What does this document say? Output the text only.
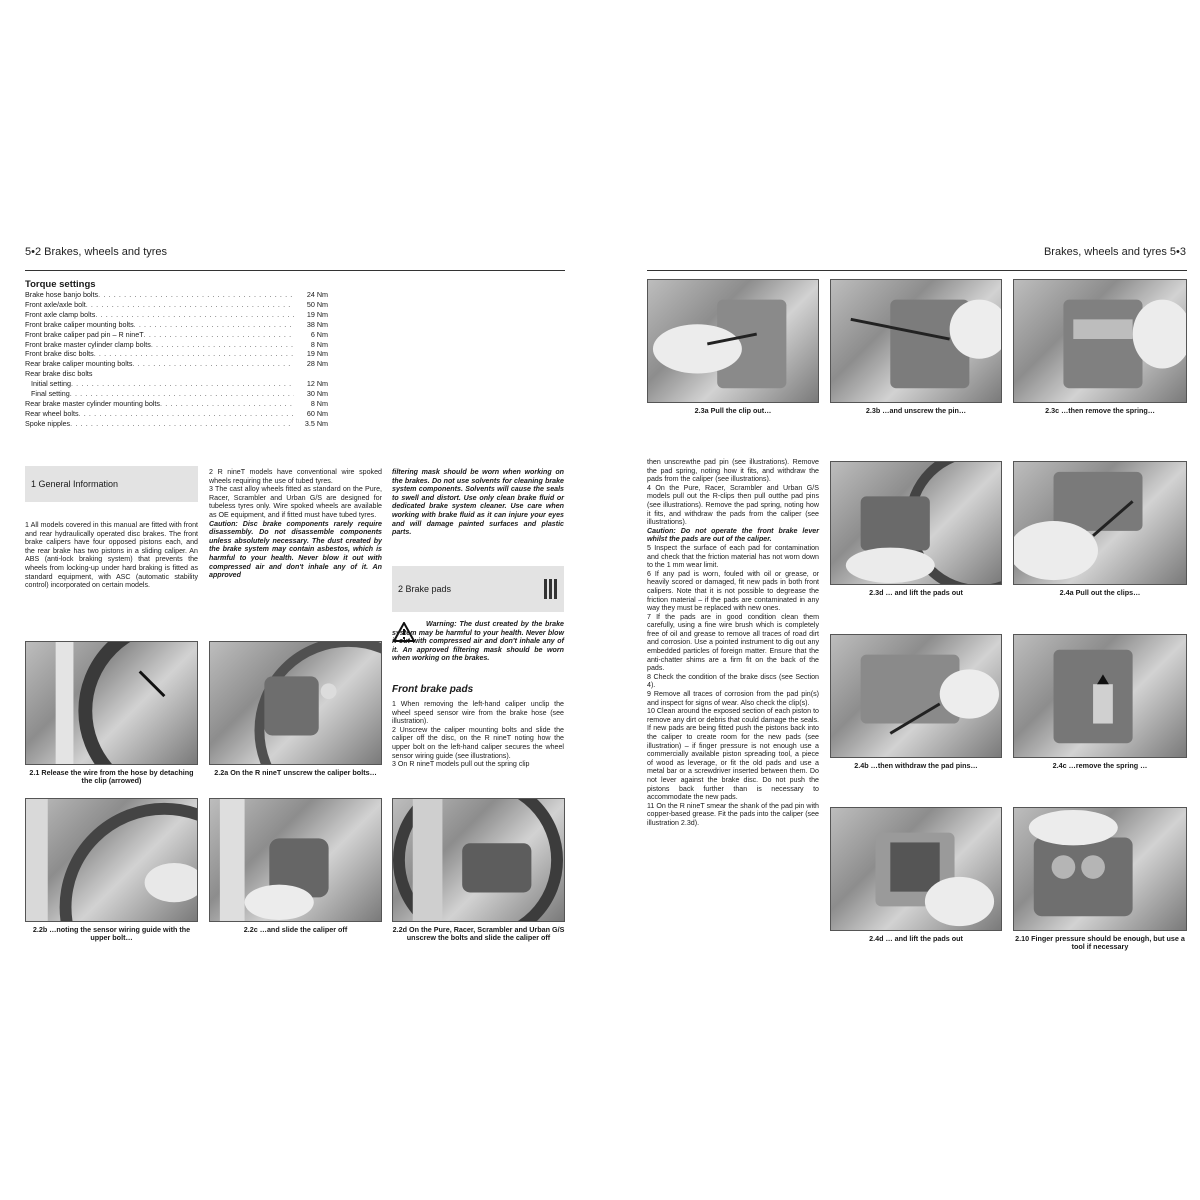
5•2 Brakes, wheels and tyres
Torque settings
Brake hose banjo bolts . . .	24 Nm
Front axle/axle bolt . . .	50 Nm
Front axle clamp bolts . . .	19 Nm
Front brake caliper mounting bolts . . .	38 Nm
Front brake caliper pad pin – R nineT . . .	6 Nm
Front brake master cylinder clamp bolts . . .	8 Nm
Front brake disc bolts . . .	19 Nm
Rear brake caliper mounting bolts . . .	28 Nm
Rear brake disc bolts
Initial setting . . .	12 Nm
Final setting . . .	30 Nm
Rear brake master cylinder mounting bolts . . .	8 Nm
Rear wheel bolts . . .	60 Nm
Spoke nipples . . .	3.5 Nm
1 General Information

1 All models covered in this manual are fitted with front and rear hydraulically operated disc brakes. The front brake calipers have four opposed pistons each, and the rear brake has two pistons in a sliding caliper. An ABS (anti-lock braking system) that prevents the wheels from locking-up under hard braking is fitted as standard equipment, with ASC (automatic stability control) incorporated on certain models.

2 R nineT models have conventional wire spoked wheels requiring the use of tubed tyres.

3 The cast alloy wheels fitted as standard on the Pure, Racer, Scrambler and Urban G/S are designed for tubeless tyres only. Wire spoked wheels are available as OE equipment, and if fitted must have tubed tyres.

Caution: Disc brake components rarely require disassembly. Do not disassemble components unless absolutely necessary. The dust created by the brake system may contain asbestos, which is harmful to your health. Never blow it out with compressed air and don't inhale any of it. An approved

filtering mask should be worn when working on the brakes. Do not use solvents for cleaning brake system components. Solvents will cause the seals to swell and distort. Use only clean brake fluid or dedicated brake system cleaner. Use care when working with brake fluid as it can injure your eyes and will damage painted surfaces and plastic parts.

2 Brake pads

Warning: The dust created by the brake system may be harmful to your health. Never blow it out with compressed air and don't inhale any of it. An approved filtering mask should be worn when working on the brakes.

Front brake pads

1 When removing the left-hand caliper unclip the wheel speed sensor wire from the brake hose (see illustration).

2 Unscrew the caliper mounting bolts and slide the caliper off the disc, on the R nineT noting how the upper bolt on the left-hand caliper secures the wheel sensor wiring guide (see illustrations).

3 On R nineT models pull out the spring clip

2.1 Release the wire from the hose by detaching the clip (arrowed)
2.2a On the R nineT unscrew the caliper bolts…
2.2b …noting the sensor wiring guide with the upper bolt…
2.2c …and slide the caliper off	2.2d On the Pure, Racer, Scrambler and Urban G/S unscrew the bolts and slide the caliper off
Brakes, wheels and tyres 5•3
2.3a Pull the clip out…	2.3b …and unscrew the pin…	2.3c …then remove the spring…

then unscrewthe pad pin (see illustrations). Remove the pad spring, noting how it fits, and withdraw the pads from the caliper (see illustrations).

4 On the Pure, Racer, Scrambler and Urban G/S models pull out the R-clips then pull outthe pad pins (see illustrations). Remove the pad spring, noting how it fits, and withdraw the pads from the caliper (see illustrations).

Caution: Do not operate the front brake lever whilst the pads are out of the caliper.

5 Inspect the surface of each pad for contamination and check that the friction material has not worn down to the 1 mm wear limit.

6 If any pad is worn, fouled with oil or grease, or heavily scored or damaged, fit new pads in both front calipers. Note that it is not possible to degrease the friction material – if the pads are contaminated in any way they must be replaced with new ones.

7 If the pads are in good condition clean them carefully, using a fine wire brush which is completely free of oil and grease to remove all traces of road dirt and corrosion. Use a pointed instrument to dig out any embedded particles of foreign matter. Ensure that the anti-chatter shims are a firm fit on the back of the pads.

8 Check the condition of the brake discs (see Section 4).

9 Remove all traces of corrosion from the pad pin(s) and inspect for signs of wear. Also check the clip(s).

10 Clean around the exposed section of each piston to remove any dirt or debris that could damage the seals. If new pads are being fitted push the pistons back into the caliper to create room for the new pads (see illustration) – if finger pressure is not enough use a commercially available piston spreading tool, a piece of wood as leverage, or fit the old pads and use a metal bar or a screwdriver inserted between them. Do not lever against the brake disc. Do not push the pistons back further than is necessary to accommodate the new pads.

11 On the R nineT smear the shank of the pad pin with copper-based grease. Fit the pads into the caliper (see illustration 2.3d).

2.3d … and lift the pads out	2.4a Pull out the clips…
2.4b …then withdraw the pad pins…	2.4c …remove the spring …
2.4d … and lift the pads out	2.10 Finger pressure should be enough, but use a tool if necessary
